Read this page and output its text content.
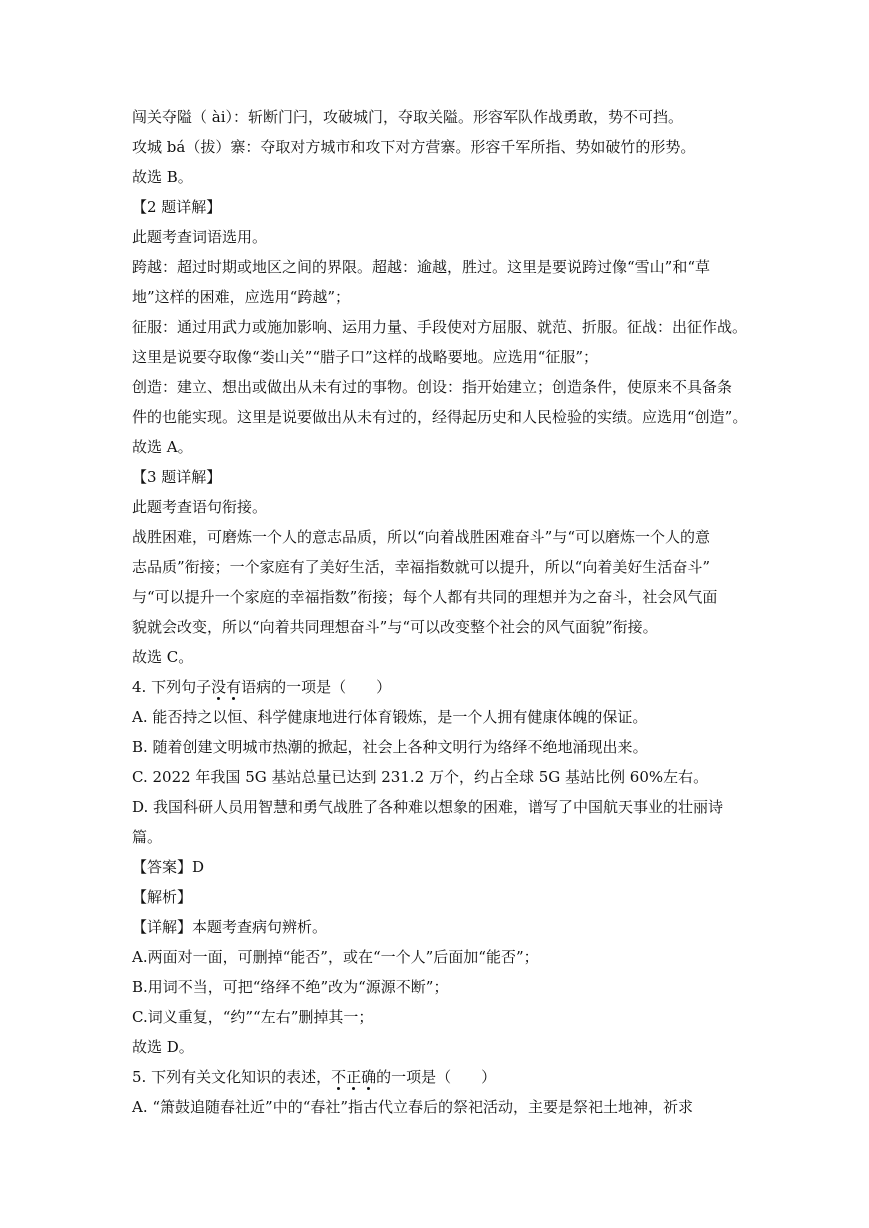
闯关夺隘（ ài）：斩断门闩，攻破城门，夺取关隘。形容军队作战勇敢，势不可挡。
攻城 bá（拔）寨：夺取对方城市和攻下对方营寨。形容千军所指、势如破竹的形势。
故选 B。
【2 题详解】
此题考查词语选用。
跨越：超过时期或地区之间的界限。超越：逾越，胜过。这里是要说跨过像“雪山”和“草
地”这样的困难，应选用“跨越”；
征服：通过用武力或施加影响、运用力量、手段使对方屈服、就范、折服。征战：出征作战。
这里是说要夺取像“娄山关”“腊子口”这样的战略要地。应选用“征服”；
创造：建立、想出或做出从未有过的事物。创设：指开始建立；创造条件，使原来不具备条
件的也能实现。这里是说要做出从未有过的，经得起历史和人民检验的实绩。应选用“创造”。
故选 A。
【3 题详解】
此题考查语句衔接。
战胜困难，可磨炼一个人的意志品质，所以“向着战胜困难奋斗”与“可以磨炼一个人的意
志品质”衔接；一个家庭有了美好生活，幸福指数就可以提升，所以“向着美好生活奋斗”
与“可以提升一个家庭的幸福指数”衔接；每个人都有共同的理想并为之奋斗，社会风气面
貌就会改变，所以“向着共同理想奋斗”与“可以改变整个社会的风气面貌”衔接。
故选 C。
4. 下列句子没有语病的一项是（　　）
A. 能否持之以恒、科学健康地进行体育锻炼，是一个人拥有健康体魄的保证。
B. 随着创建文明城市热潮的掀起，社会上各种文明行为络绎不绝地涌现出来。
C. 2022 年我国 5G 基站总量已达到 231.2 万个，约占全球 5G 基站比例 60%左右。
D. 我国科研人员用智慧和勇气战胜了各种难以想象的困难，谱写了中国航天事业的壮丽诗
篇。
【答案】D
【解析】
【详解】本题考查病句辨析。
A.两面对一面，可删掉“能否”，或在“一个人”后面加“能否”；
B.用词不当，可把“络绎不绝”改为“源源不断”；
C.词义重复，“约”“左右”删掉其一；
故选 D。
5. 下列有关文化知识的表述，不正确的一项是（　　）
A. “箫鼓追随春社近”中的“春社”指古代立春后的祭祀活动，主要是祭祀土地神，祈求
